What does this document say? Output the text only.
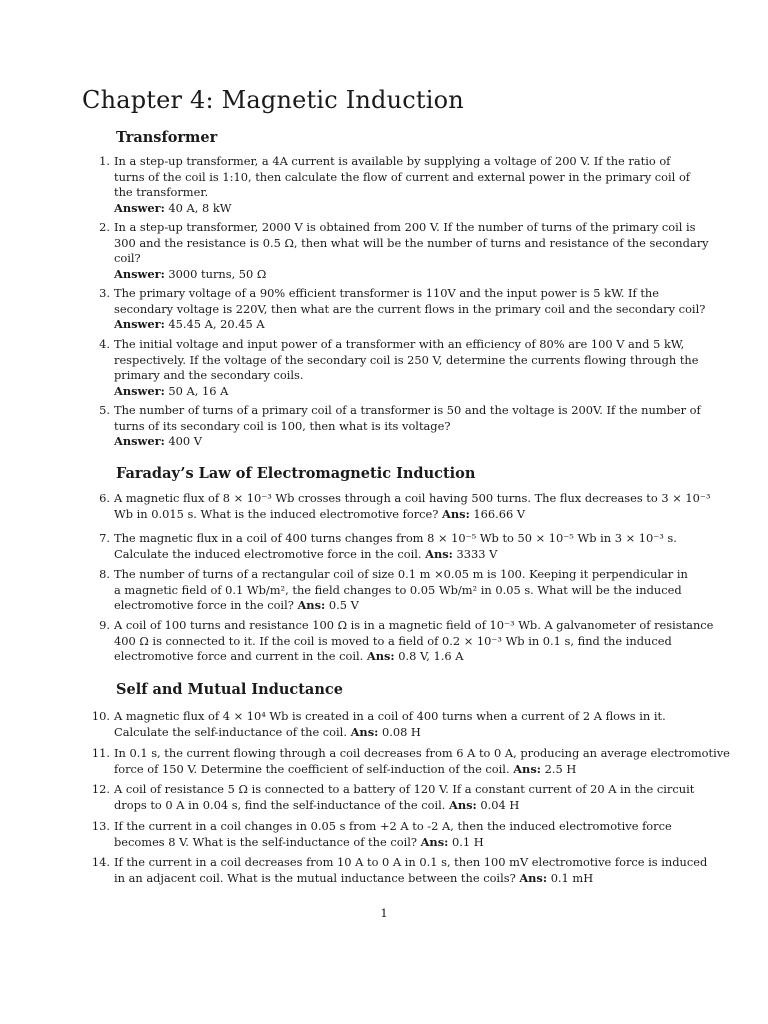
Chapter 4: Magnetic Induction
Transformer
Faraday’s Law of Electromagnetic Induction
Self and Mutual Inductance
1. In a step-up transformer, a 4A current is available by supplying a voltage of 200 V. If the ratio of
turns of the coil is 1:10, then calculate the flow of current and external power in the primary coil of
the transformer.
Answer: 40 A, 8 kW
2. In a step-up transformer, 2000 V is obtained from 200 V. If the number of turns of the primary coil is
300 and the resistance is 0.5 Ω, then what will be the number of turns and resistance of the secondary
coil?
Answer: 3000 turns, 50 Ω
3. The primary voltage of a 90% efficient transformer is 110V and the input power is 5 kW. If the
secondary voltage is 220V, then what are the current flows in the primary coil and the secondary coil?
Answer: 45.45 A, 20.45 A
4. The initial voltage and input power of a transformer with an efficiency of 80% are 100 V and 5 kW,
respectively. If the voltage of the secondary coil is 250 V, determine the currents flowing through the
primary and the secondary coils.
Answer: 50 A, 16 A
5. The number of turns of a primary coil of a transformer is 50 and the voltage is 200V. If the number of
turns of its secondary coil is 100, then what is its voltage?
Answer: 400 V
6. A magnetic flux of 8 × 10⁻³ Wb crosses through a coil having 500 turns. The flux decreases to 3 × 10⁻³
Wb in 0.015 s. What is the induced electromotive force? Ans: 166.66 V
7. The magnetic flux in a coil of 400 turns changes from 8 × 10⁻⁵ Wb to 50 × 10⁻⁵ Wb in 3 × 10⁻³ s.
Calculate the induced electromotive force in the coil. Ans: 3333 V
8. The number of turns of a rectangular coil of size 0.1 m ×0.05 m is 100. Keeping it perpendicular in
a magnetic field of 0.1 Wb/m², the field changes to 0.05 Wb/m² in 0.05 s. What will be the induced
electromotive force in the coil? Ans: 0.5 V
9. A coil of 100 turns and resistance 100 Ω is in a magnetic field of 10⁻³ Wb. A galvanometer of resistance
400 Ω is connected to it. If the coil is moved to a field of 0.2 × 10⁻³ Wb in 0.1 s, find the induced
electromotive force and current in the coil. Ans: 0.8 V, 1.6 A
10. A magnetic flux of 4 × 10⁴ Wb is created in a coil of 400 turns when a current of 2 A flows in it.
Calculate the self-inductance of the coil. Ans: 0.08 H
11. In 0.1 s, the current flowing through a coil decreases from 6 A to 0 A, producing an average electromotive
force of 150 V. Determine the coefficient of self-induction of the coil. Ans: 2.5 H
12. A coil of resistance 5 Ω is connected to a battery of 120 V. If a constant current of 20 A in the circuit
drops to 0 A in 0.04 s, find the self-inductance of the coil. Ans: 0.04 H
13. If the current in a coil changes in 0.05 s from +2 A to -2 A, then the induced electromotive force
becomes 8 V. What is the self-inductance of the coil? Ans: 0.1 H
14. If the current in a coil decreases from 10 A to 0 A in 0.1 s, then 100 mV electromotive force is induced
in an adjacent coil. What is the mutual inductance between the coils? Ans: 0.1 mH
1
